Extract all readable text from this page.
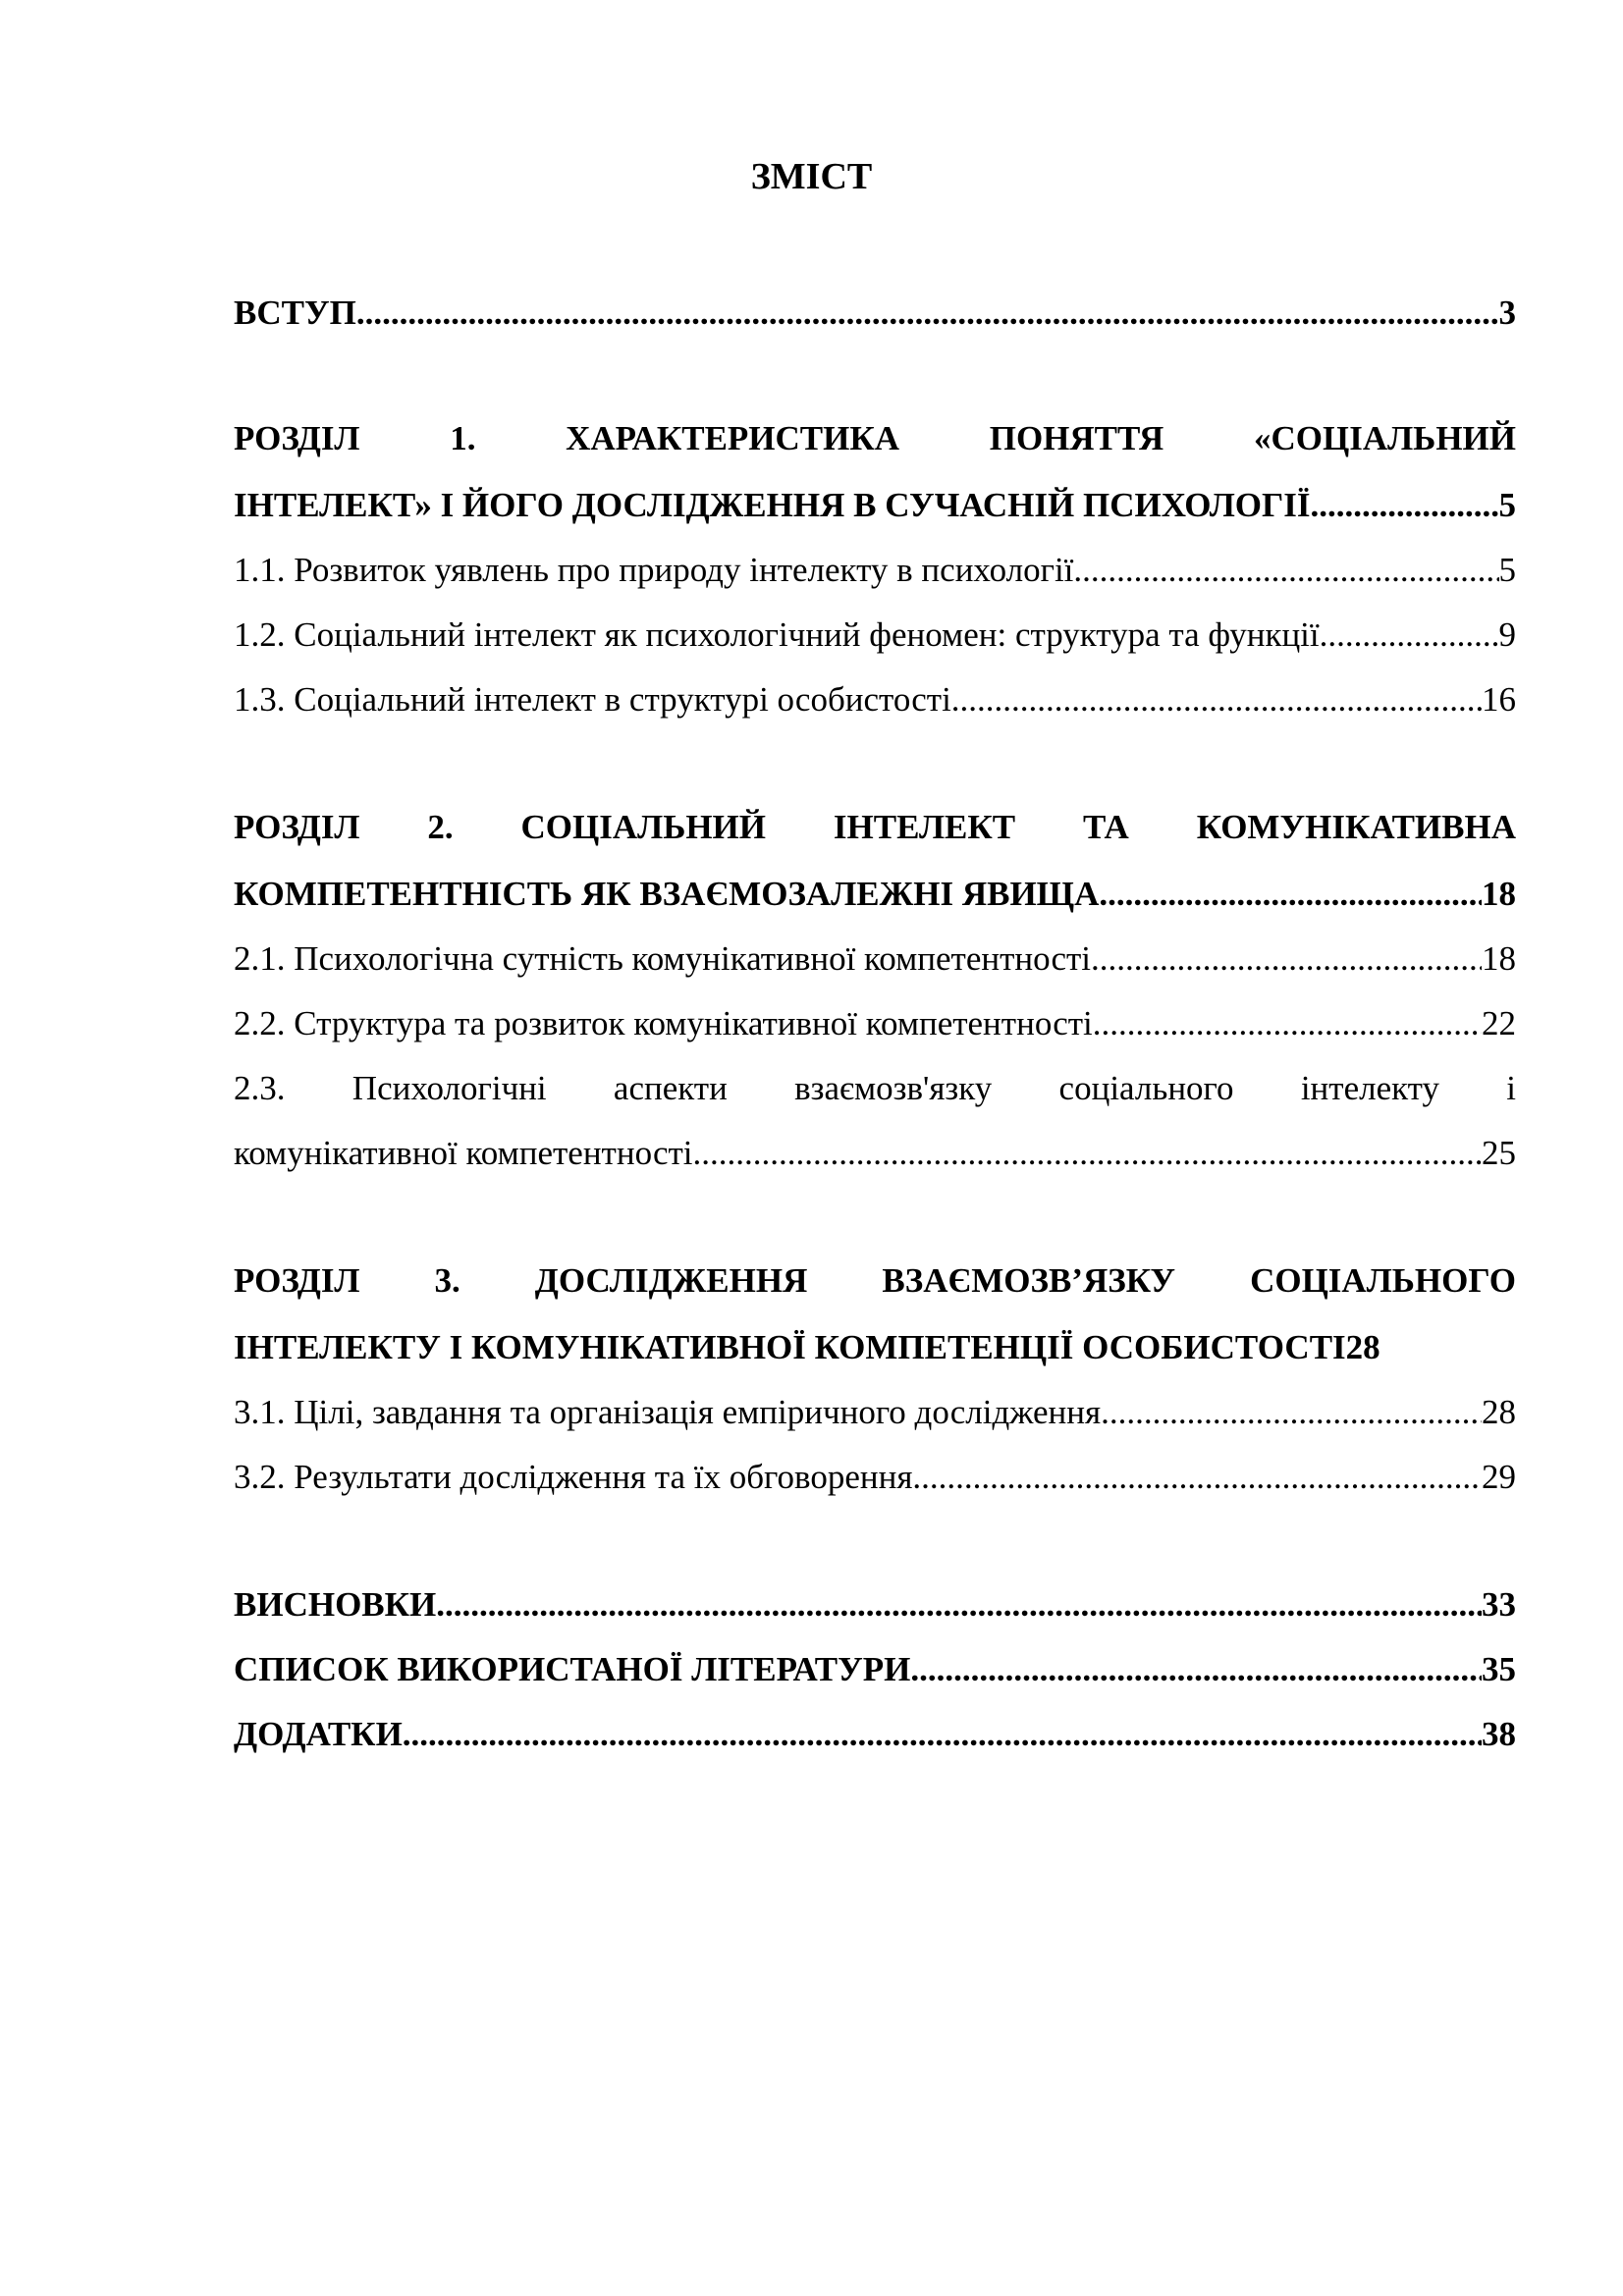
ЗМІСТ
ВСТУП .....	3
РОЗДІЛ 1. ХАРАКТЕРИСТИКА ПОНЯТТЯ «СОЦІАЛЬНИЙ
ІНТЕЛЕКТ» І ЙОГО ДОСЛІДЖЕННЯ В СУЧАСНІЙ ПСИХОЛОГІЇ .....	5
1.1. Розвиток уявлень про природу інтелекту в психології .....	5
1.2. Соціальний інтелект як психологічний феномен: структура та функції .....	9
1.3. Соціальний інтелект в структурі особистості .....	16
РОЗДІЛ 2. СОЦІАЛЬНИЙ ІНТЕЛЕКТ ТА КОМУНІКАТИВНА
КОМПЕТЕНТНІСТЬ ЯК ВЗАЄМОЗАЛЕЖНІ ЯВИЩА .....	18
2.1. Психологічна сутність комунікативної компетентності .....	18
2.2. Структура та розвиток комунікативної компетентності .....	22
2.3. Психологічні аспекти взаємозв'язку соціального інтелекту і
комунікативної компетентності .....	25
РОЗДІЛ 3. ДОСЛІДЖЕННЯ ВЗАЄМОЗВ’ЯЗКУ СОЦІАЛЬНОГО
ІНТЕЛЕКТУ І КОМУНІКАТИВНОЇ КОМПЕТЕНЦІЇ ОСОБИСТОСТІ 28
3.1. Цілі, завдання та організація емпіричного дослідження .....	28
3.2. Результати дослідження та їх обговорення .....	29
ВИСНОВКИ .....	33
СПИСОК ВИКОРИСТАНОЇ ЛІТЕРАТУРИ .....	35
ДОДАТКИ .....	38
